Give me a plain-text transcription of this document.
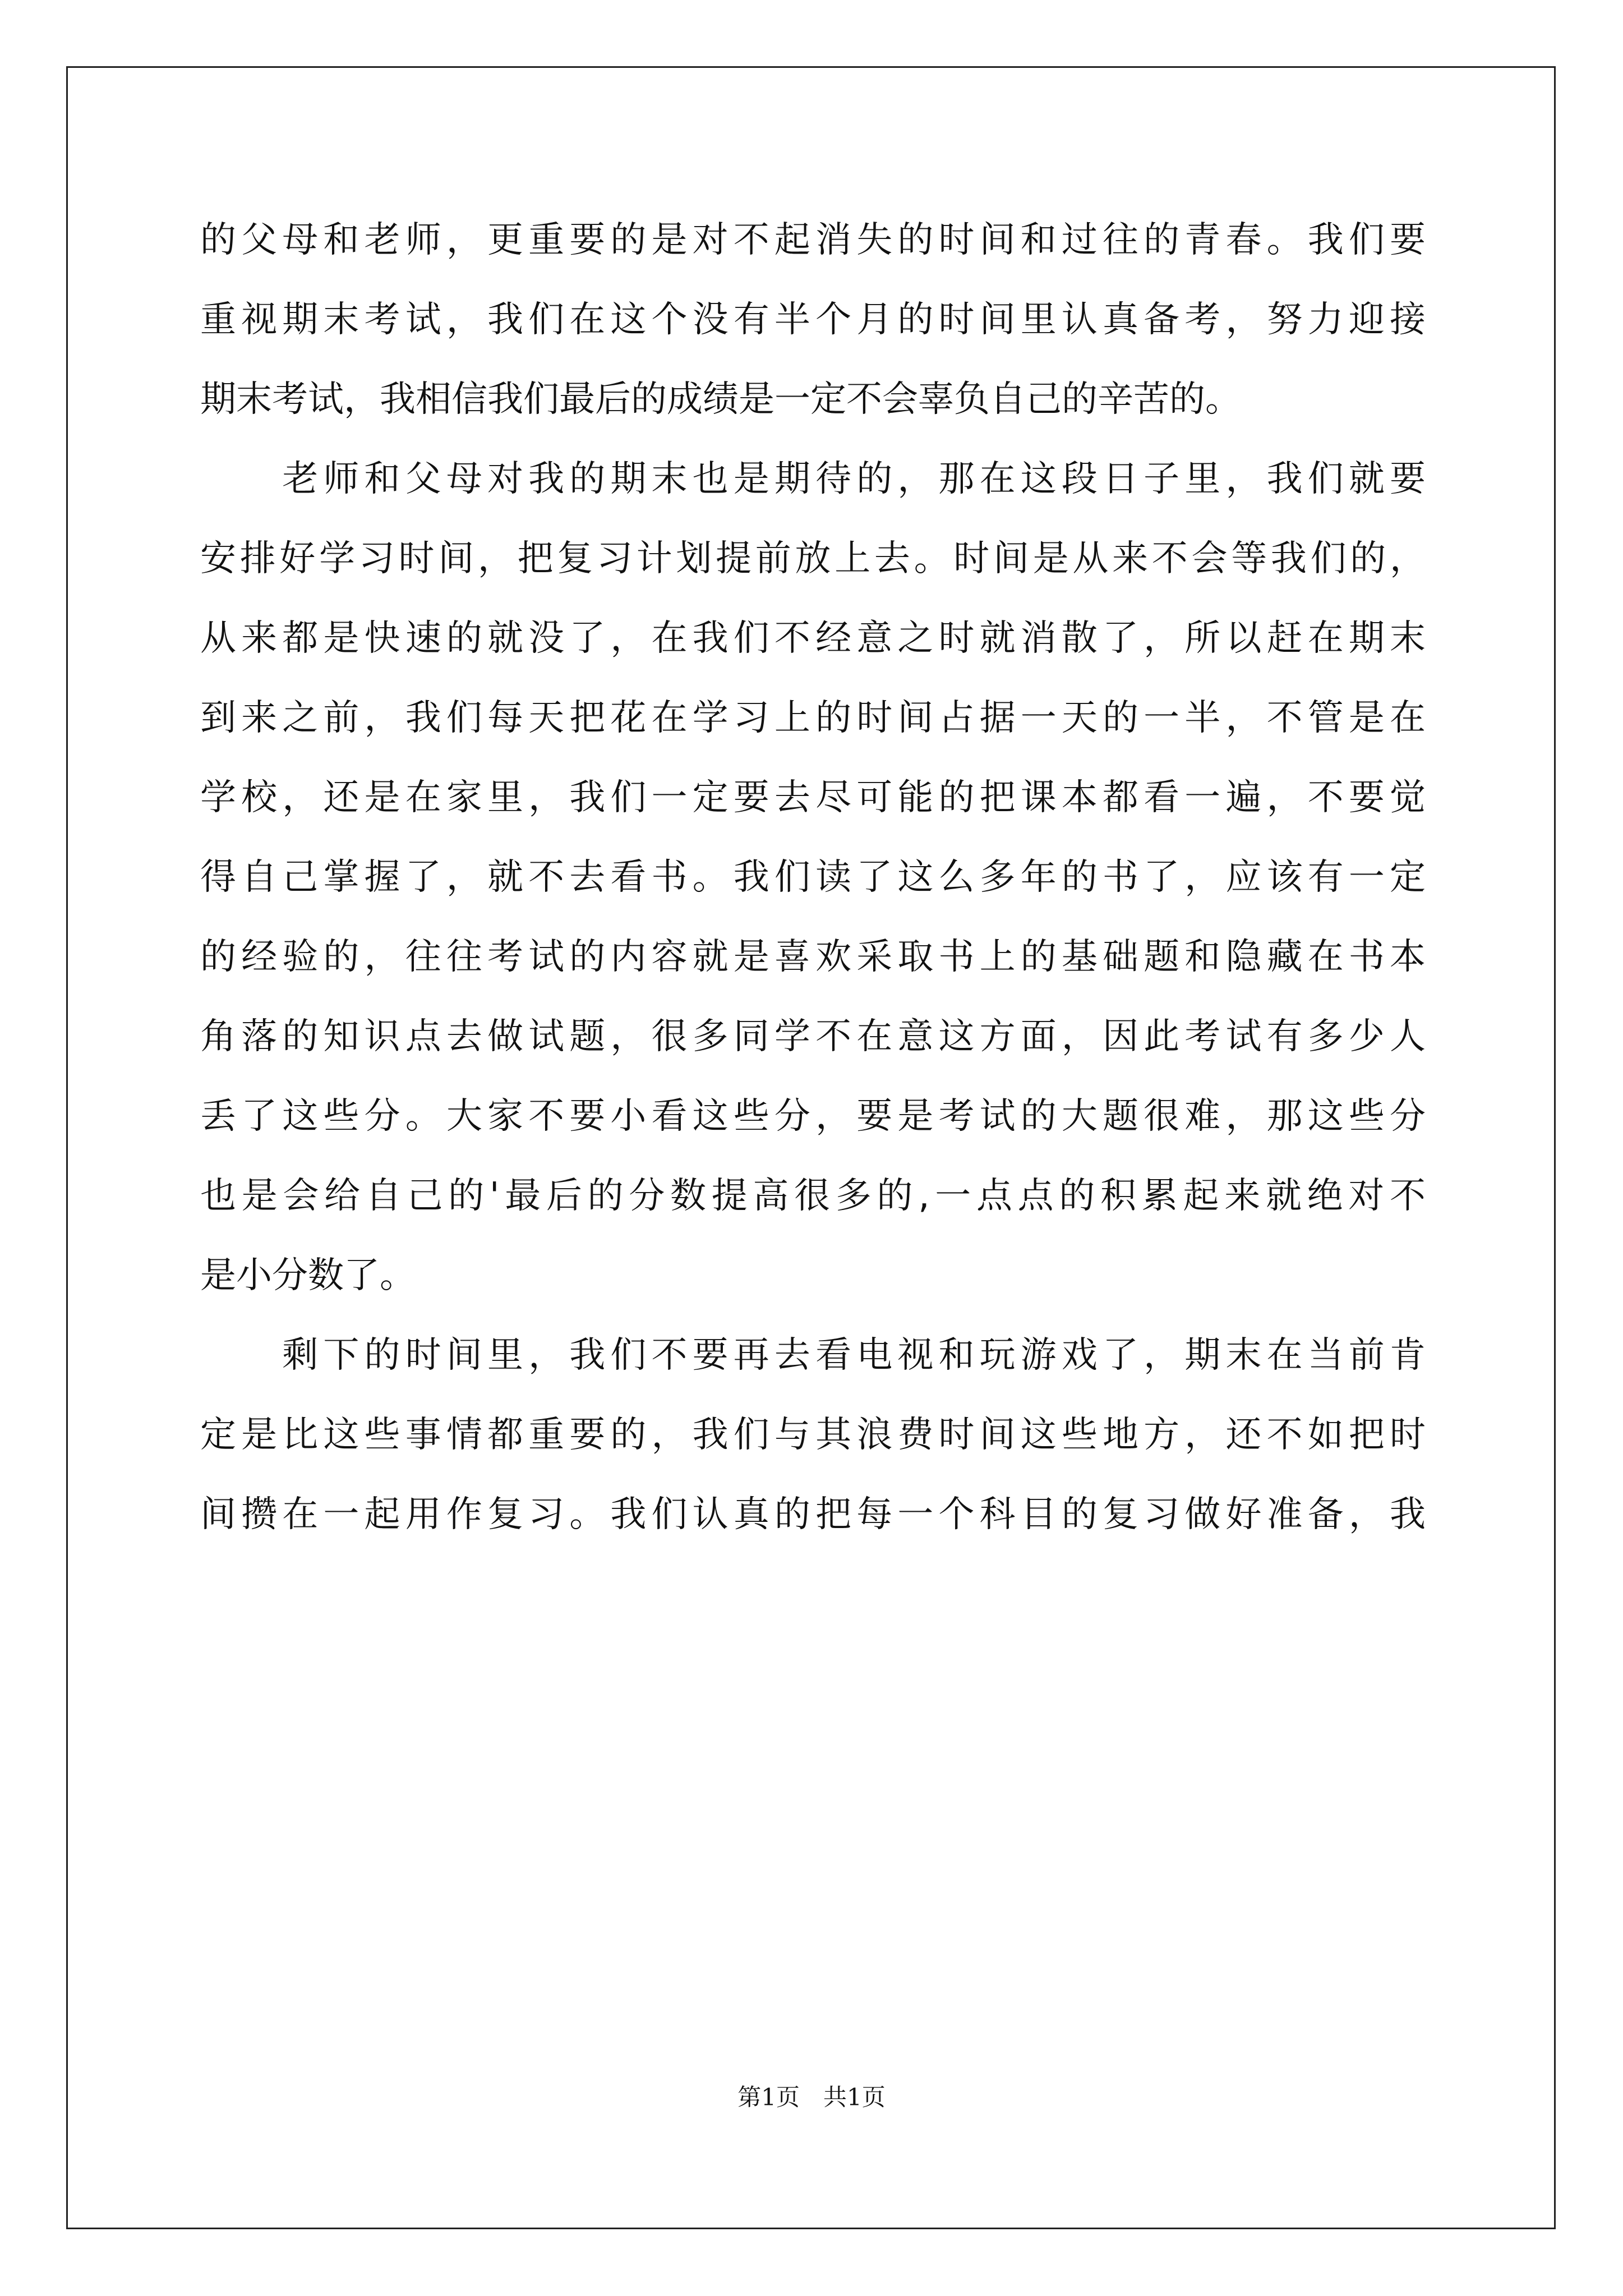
的父母和老师，更重要的是对不起消失的时间和过往的青春。我们要
重视期末考试，我们在这个没有半个月的时间里认真备考，努力迎接
期末考试，我相信我们最后的成绩是一定不会辜负自己的辛苦的。
　　老师和父母对我的期末也是期待的，那在这段日子里，我们就要
安排好学习时间，把复习计划提前放上去。时间是从来不会等我们的，
从来都是快速的就没了，在我们不经意之时就消散了，所以赶在期末
到来之前，我们每天把花在学习上的时间占据一天的一半，不管是在
学校，还是在家里，我们一定要去尽可能的把课本都看一遍，不要觉
得自己掌握了，就不去看书。我们读了这么多年的书了，应该有一定
的经验的，往往考试的内容就是喜欢采取书上的基础题和隐藏在书本
角落的知识点去做试题，很多同学不在意这方面，因此考试有多少人
丢了这些分。大家不要小看这些分，要是考试的大题很难，那这些分
也是会给自己的'最后的分数提高很多的,一点点的积累起来就绝对不
是小分数了。
　　剩下的时间里，我们不要再去看电视和玩游戏了，期末在当前肯
定是比这些事情都重要的，我们与其浪费时间这些地方，还不如把时
间攒在一起用作复习。我们认真的把每一个科目的复习做好准备，我
第1页　共1页
